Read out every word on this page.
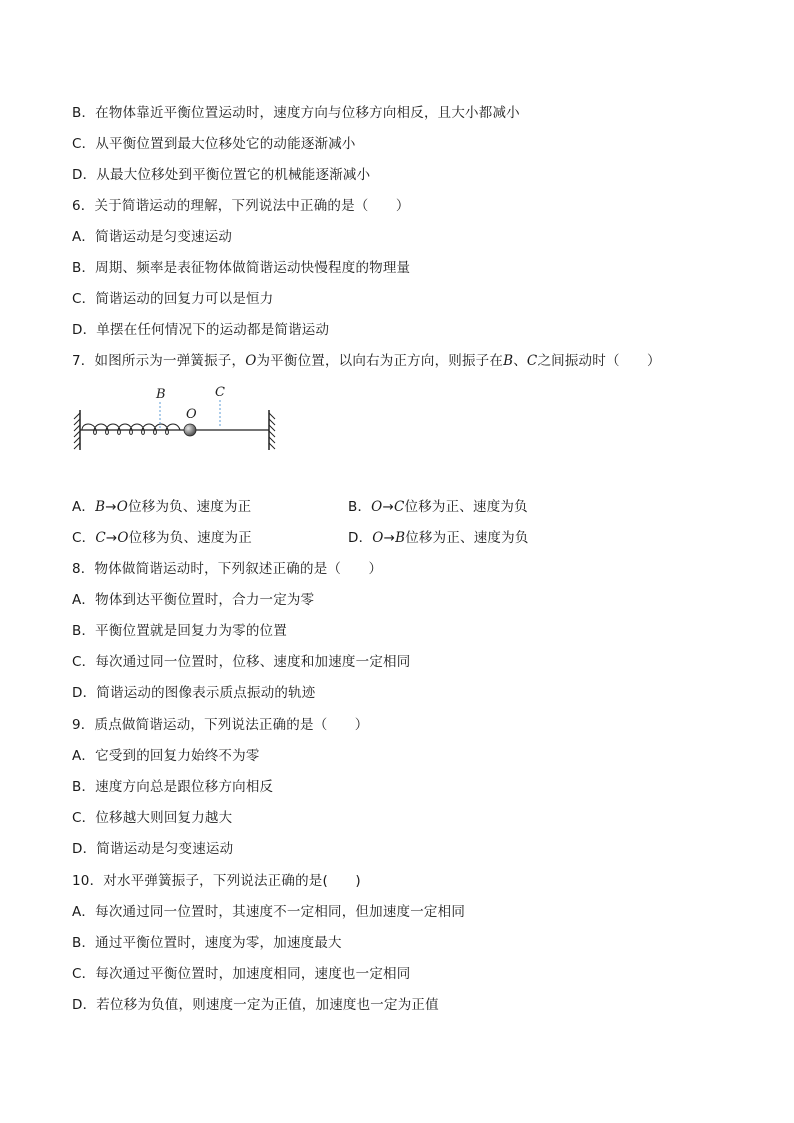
B．在物体靠近平衡位置运动时，速度方向与位移方向相反，且大小都减小
C．从平衡位置到最大位移处它的动能逐渐减小
D．从最大位移处到平衡位置它的机械能逐渐减小
6．关于简谐运动的理解，下列说法中正确的是（　　）
A．简谐运动是匀变速运动
B．周期、频率是表征物体做简谐运动快慢程度的物理量
C．简谐运动的回复力可以是恒力
D．单摆在任何情况下的运动都是简谐运动
7．如图所示为一弹簧振子，O为平衡位置，以向右为正方向，则振子在B、C之间振动时（　　）
B
O
C
A．B→O位移为负、速度为正	B．O→C位移为正、速度为负
C．C→O位移为负、速度为正	D．O→B位移为正、速度为负
8．物体做简谐运动时，下列叙述正确的是（　　）
A．物体到达平衡位置时，合力一定为零
B．平衡位置就是回复力为零的位置
C．每次通过同一位置时，位移、速度和加速度一定相同
D．简谐运动的图像表示质点振动的轨迹
9．质点做简谐运动，下列说法正确的是（　　）
A．它受到的回复力始终不为零
B．速度方向总是跟位移方向相反
C．位移越大则回复力越大
D．简谐运动是匀变速运动
10．对水平弹簧振子，下列说法正确的是(　　)
A．每次通过同一位置时，其速度不一定相同，但加速度一定相同
B．通过平衡位置时，速度为零，加速度最大
C．每次通过平衡位置时，加速度相同，速度也一定相同
D．若位移为负值，则速度一定为正值，加速度也一定为正值
